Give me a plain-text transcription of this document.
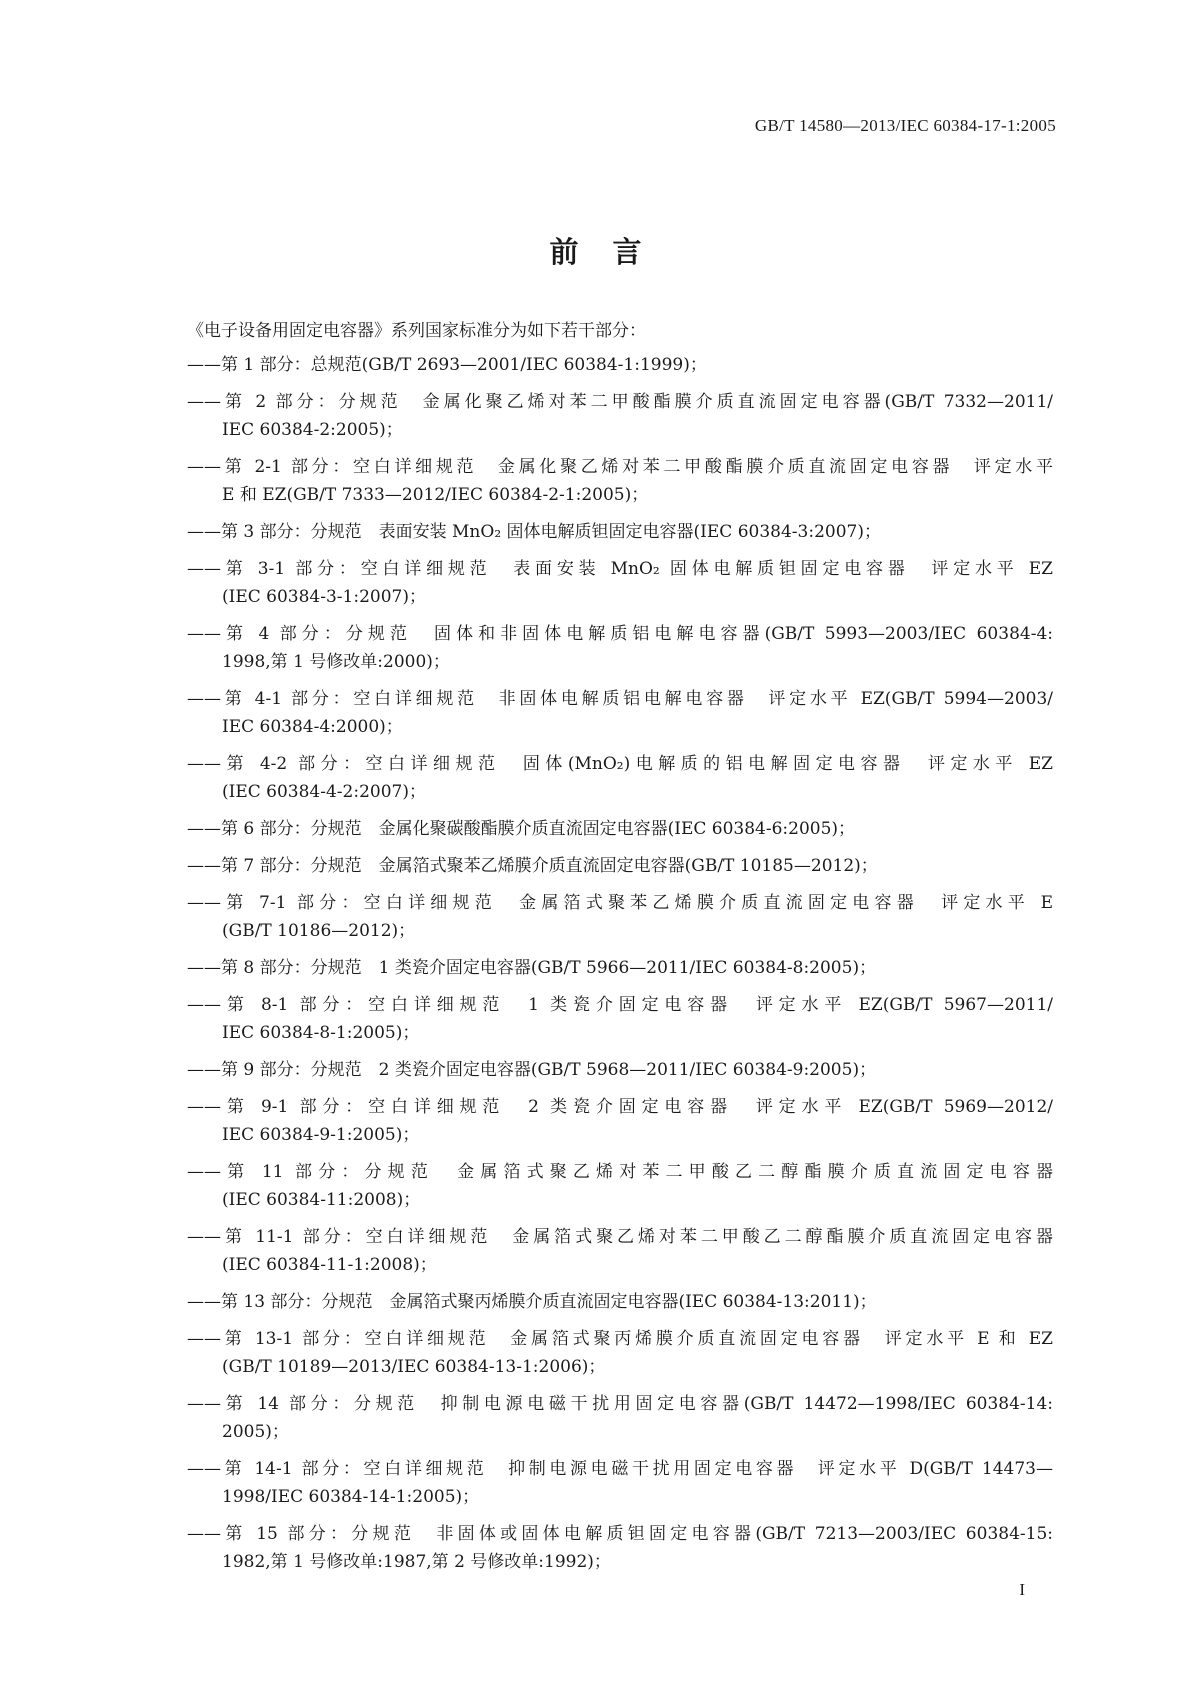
GB/T 14580—2013/IEC 60384-17-1:2005
前言
《电子设备用固定电容器》系列国家标准分为如下若干部分：
——第 1 部分：总规范(GB/T 2693—2001/IEC 60384-1:1999)；
——第 2 部分：分规范　金属化聚乙烯对苯二甲酸酯膜介质直流固定电容器(GB/T 7332—2011/
IEC 60384-2:2005)；
——第 2-1 部分：空白详细规范　金属化聚乙烯对苯二甲酸酯膜介质直流固定电容器　评定水平
E 和 EZ(GB/T 7333—2012/IEC 60384-2-1:2005)；
——第 3 部分：分规范　表面安装 MnO₂ 固体电解质钽固定电容器(IEC 60384-3:2007)；
——第 3-1 部分：空白详细规范　表面安装 MnO₂ 固体电解质钽固定电容器　评定水平 EZ
(IEC 60384-3-1:2007)；
——第 4 部分：分规范　固体和非固体电解质铝电解电容器(GB/T 5993—2003/IEC 60384-4:
1998,第 1 号修改单:2000)；
——第 4-1 部分：空白详细规范　非固体电解质铝电解电容器　评定水平 EZ(GB/T 5994—2003/
IEC 60384-4:2000)；
——第 4-2 部分：空白详细规范　固体(MnO₂)电解质的铝电解固定电容器　评定水平 EZ
(IEC 60384-4-2:2007)；
——第 6 部分：分规范　金属化聚碳酸酯膜介质直流固定电容器(IEC 60384-6:2005)；
——第 7 部分：分规范　金属箔式聚苯乙烯膜介质直流固定电容器(GB/T 10185—2012)；
——第 7-1 部分：空白详细规范　金属箔式聚苯乙烯膜介质直流固定电容器　评定水平 E
(GB/T 10186—2012)；
——第 8 部分：分规范　1 类瓷介固定电容器(GB/T 5966—2011/IEC 60384-8:2005)；
——第 8-1 部分：空白详细规范　1 类瓷介固定电容器　评定水平 EZ(GB/T 5967—2011/
IEC 60384-8-1:2005)；
——第 9 部分：分规范　2 类瓷介固定电容器(GB/T 5968—2011/IEC 60384-9:2005)；
——第 9-1 部分：空白详细规范　2 类瓷介固定电容器　评定水平 EZ(GB/T 5969—2012/
IEC 60384-9-1:2005)；
——第 11 部分：分规范　金属箔式聚乙烯对苯二甲酸乙二醇酯膜介质直流固定电容器
(IEC 60384-11:2008)；
——第 11-1 部分：空白详细规范　金属箔式聚乙烯对苯二甲酸乙二醇酯膜介质直流固定电容器
(IEC 60384-11-1:2008)；
——第 13 部分：分规范　金属箔式聚丙烯膜介质直流固定电容器(IEC 60384-13:2011)；
——第 13-1 部分：空白详细规范　金属箔式聚丙烯膜介质直流固定电容器　评定水平 E 和 EZ
(GB/T 10189—2013/IEC 60384-13-1:2006)；
——第 14 部分：分规范　抑制电源电磁干扰用固定电容器(GB/T 14472—1998/IEC 60384-14:
2005)；
——第 14-1 部分：空白详细规范　抑制电源电磁干扰用固定电容器　评定水平 D(GB/T 14473—
1998/IEC 60384-14-1:2005)；
——第 15 部分：分规范　非固体或固体电解质钽固定电容器(GB/T 7213—2003/IEC 60384-15:
1982,第 1 号修改单:1987,第 2 号修改单:1992)；
I
